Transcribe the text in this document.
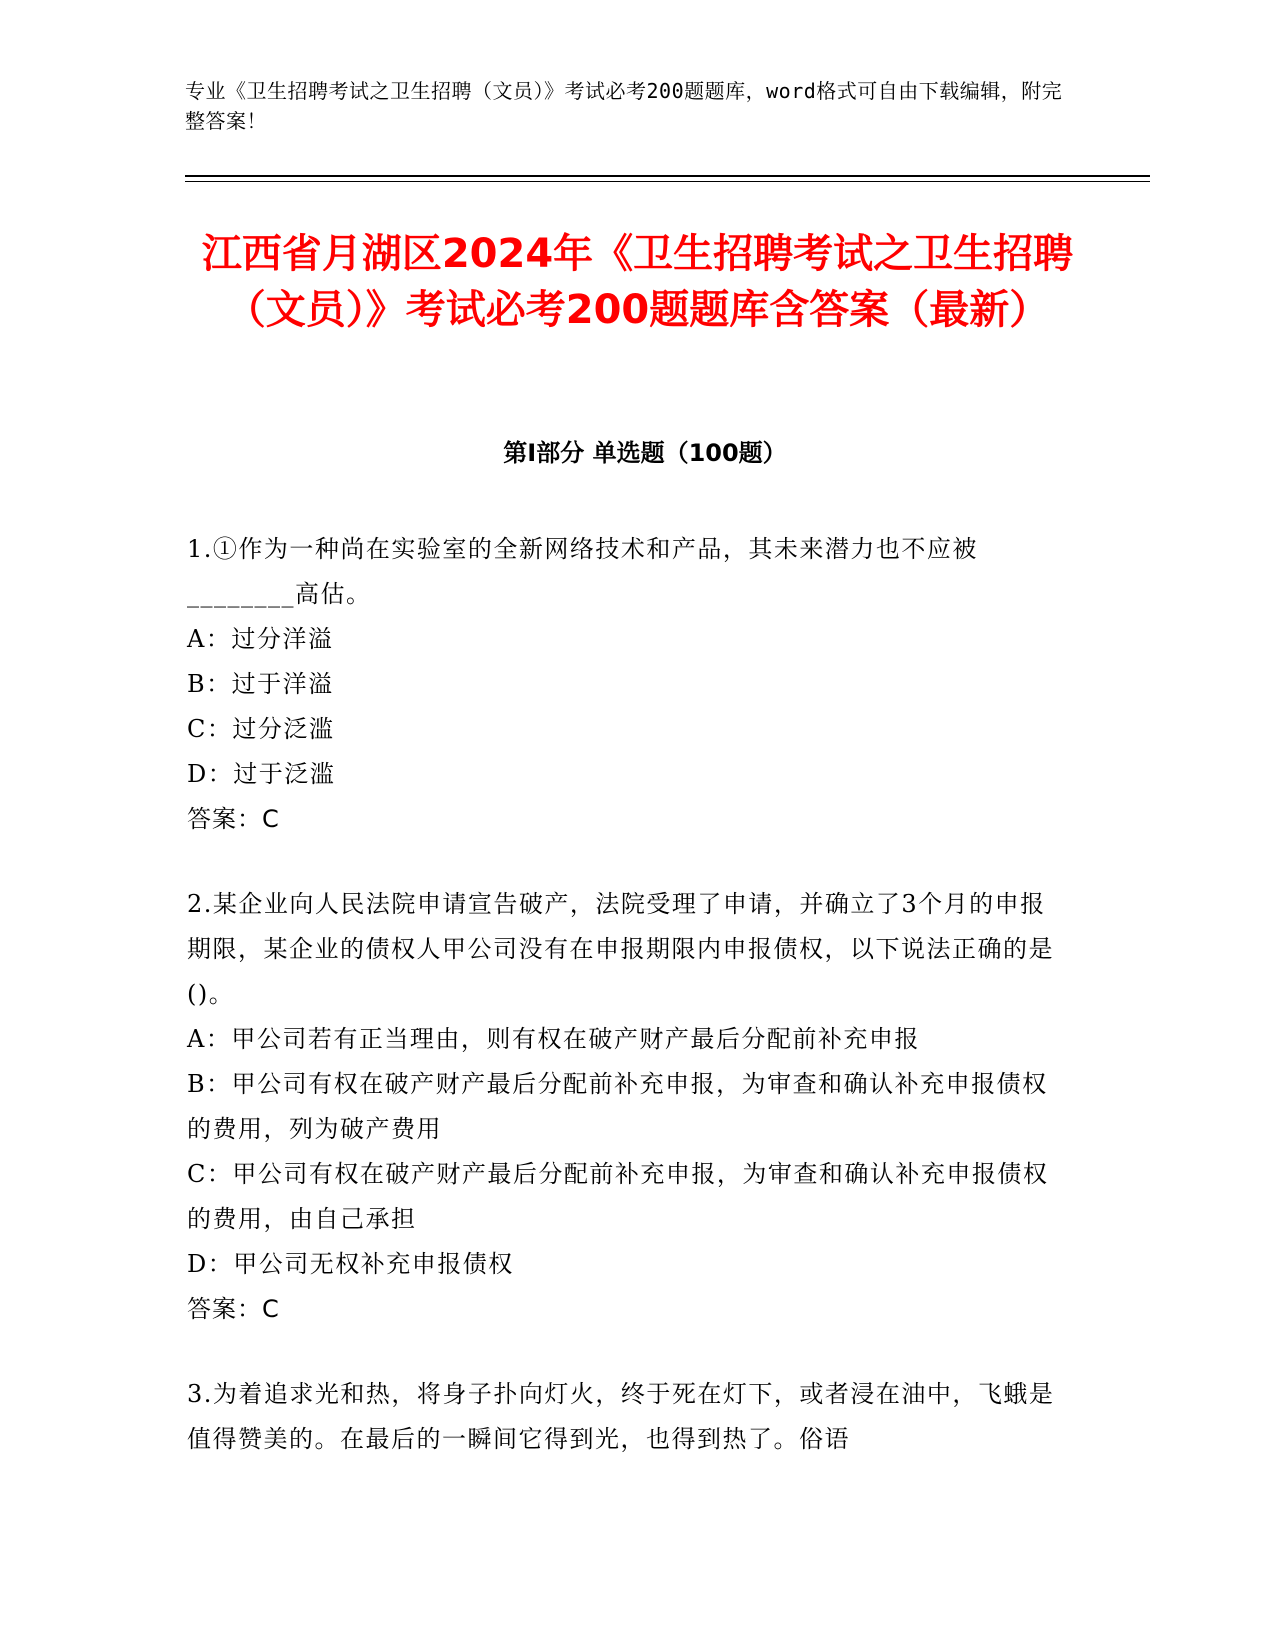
专业《卫生招聘考试之卫生招聘（文员）》考试必考200题题库，word格式可自由下载编辑，附完整答案！
江西省月湖区2024年《卫生招聘考试之卫生招聘（文员）》考试必考200题题库含答案（最新）
第I部分 单选题（100题）

1.①作为一种尚在实验室的全新网络技术和产品，其未来潜力也不应被________高估。

A：过分洋溢

B：过于洋溢

C：过分泛滥

D：过于泛滥

答案：C

2.某企业向人民法院申请宣告破产，法院受理了申请，并确立了3个月的申报期限，某企业的债权人甲公司没有在申报期限内申报债权，以下说法正确的是()。

A：甲公司若有正当理由，则有权在破产财产最后分配前补充申报

B：甲公司有权在破产财产最后分配前补充申报，为审查和确认补充申报债权的费用，列为破产费用

C：甲公司有权在破产财产最后分配前补充申报，为审查和确认补充申报债权的费用，由自己承担

D：甲公司无权补充申报债权

答案：C

3.为着追求光和热，将身子扑向灯火，终于死在灯下，或者浸在油中，飞蛾是值得赞美的。在最后的一瞬间它得到光，也得到热了。俗语
